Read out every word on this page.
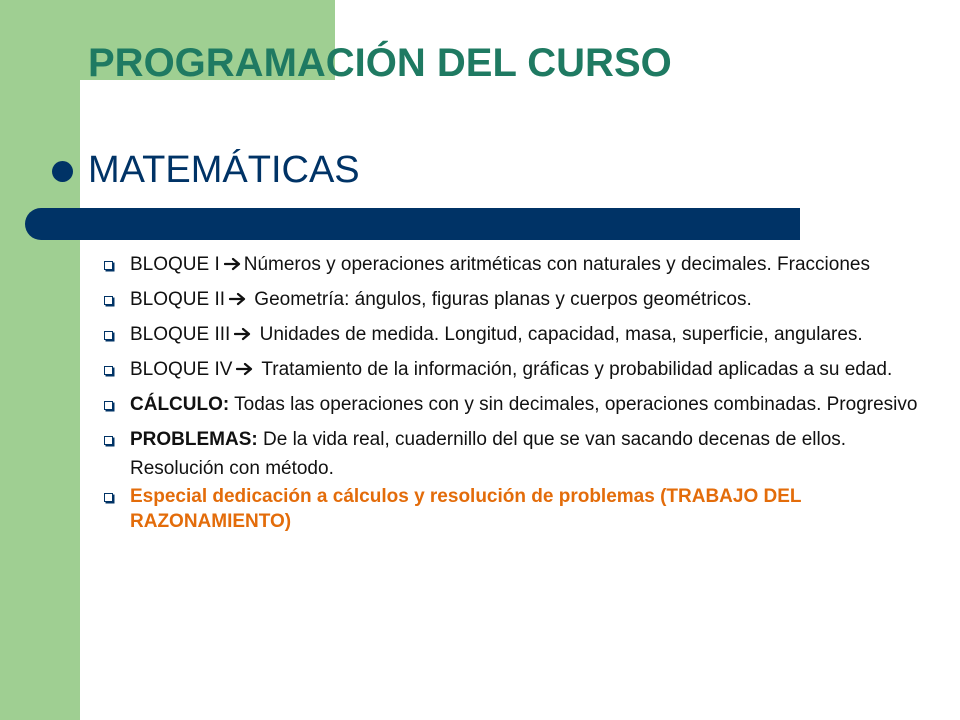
PROGRAMACIÓN DEL CURSO
MATEMÁTICAS
BLOQUE I Números y operaciones aritméticas con naturales y decimales. Fracciones
BLOQUE II
Geometría: ángulos, figuras planas y cuerpos geométricos.
BLOQUE III
Unidades de medida. Longitud, capacidad, masa, superficie, angulares.
BLOQUE IV
Tratamiento de la información, gráficas y probabilidad aplicadas a su edad.
CÁLCULO: Todas las operaciones con y sin decimales, operaciones combinadas. Progresivo
PROBLEMAS: De la vida real, cuadernillo del que se van sacando decenas de ellos. Resolución con método.
Especial dedicación a cálculos y resolución de problemas (TRABAJO DEL RAZONAMIENTO)
